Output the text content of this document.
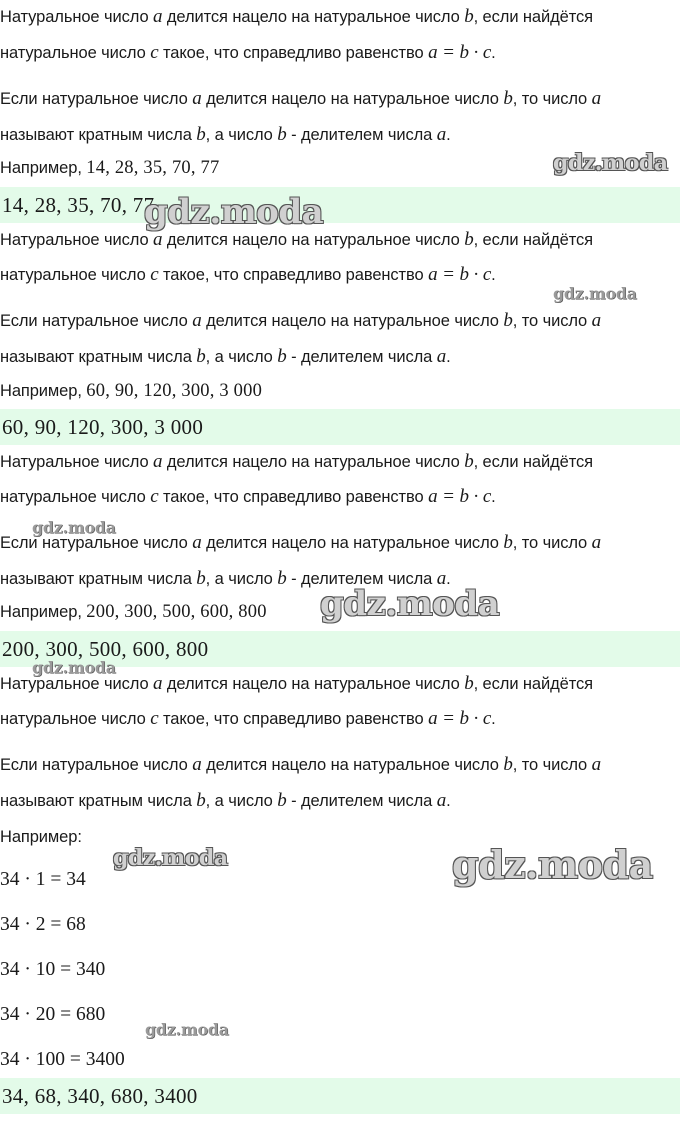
Натуральное число a делится нацело на натуральное число b, если найдётся
натуральное число c такое, что справедливо равенство a = b · c.
Если натуральное число a делится нацело на натуральное число b, то число a
называют кратным числа b, а число b - делителем числа a.
Например, 14, 28, 35, 70, 77
14, 28, 35, 70, 77
Натуральное число a делится нацело на натуральное число b, если найдётся
натуральное число c такое, что справедливо равенство a = b · c.
Если натуральное число a делится нацело на натуральное число b, то число a
называют кратным числа b, а число b - делителем числа a.
Например, 60, 90, 120, 300, 3 000
60, 90, 120, 300, 3 000
Натуральное число a делится нацело на натуральное число b, если найдётся
натуральное число c такое, что справедливо равенство a = b · c.
Если натуральное число a делится нацело на натуральное число b, то число a
называют кратным числа b, а число b - делителем числа a.
Например, 200, 300, 500, 600, 800
200, 300, 500, 600, 800
Натуральное число a делится нацело на натуральное число b, если найдётся
натуральное число c такое, что справедливо равенство a = b · c.
Если натуральное число a делится нацело на натуральное число b, то число a
называют кратным числа b, а число b - делителем числа a.
Например:
34 · 1 = 34
34 · 2 = 68
34 · 10 = 340
34 · 20 = 680
34 · 100 = 3400
34, 68, 340, 680, 3400
gdz.moda
gdz.moda
gdz.moda
gdz.moda
gdz.moda
gdz.moda
gdz.moda	gdz.moda
gdz.moda
